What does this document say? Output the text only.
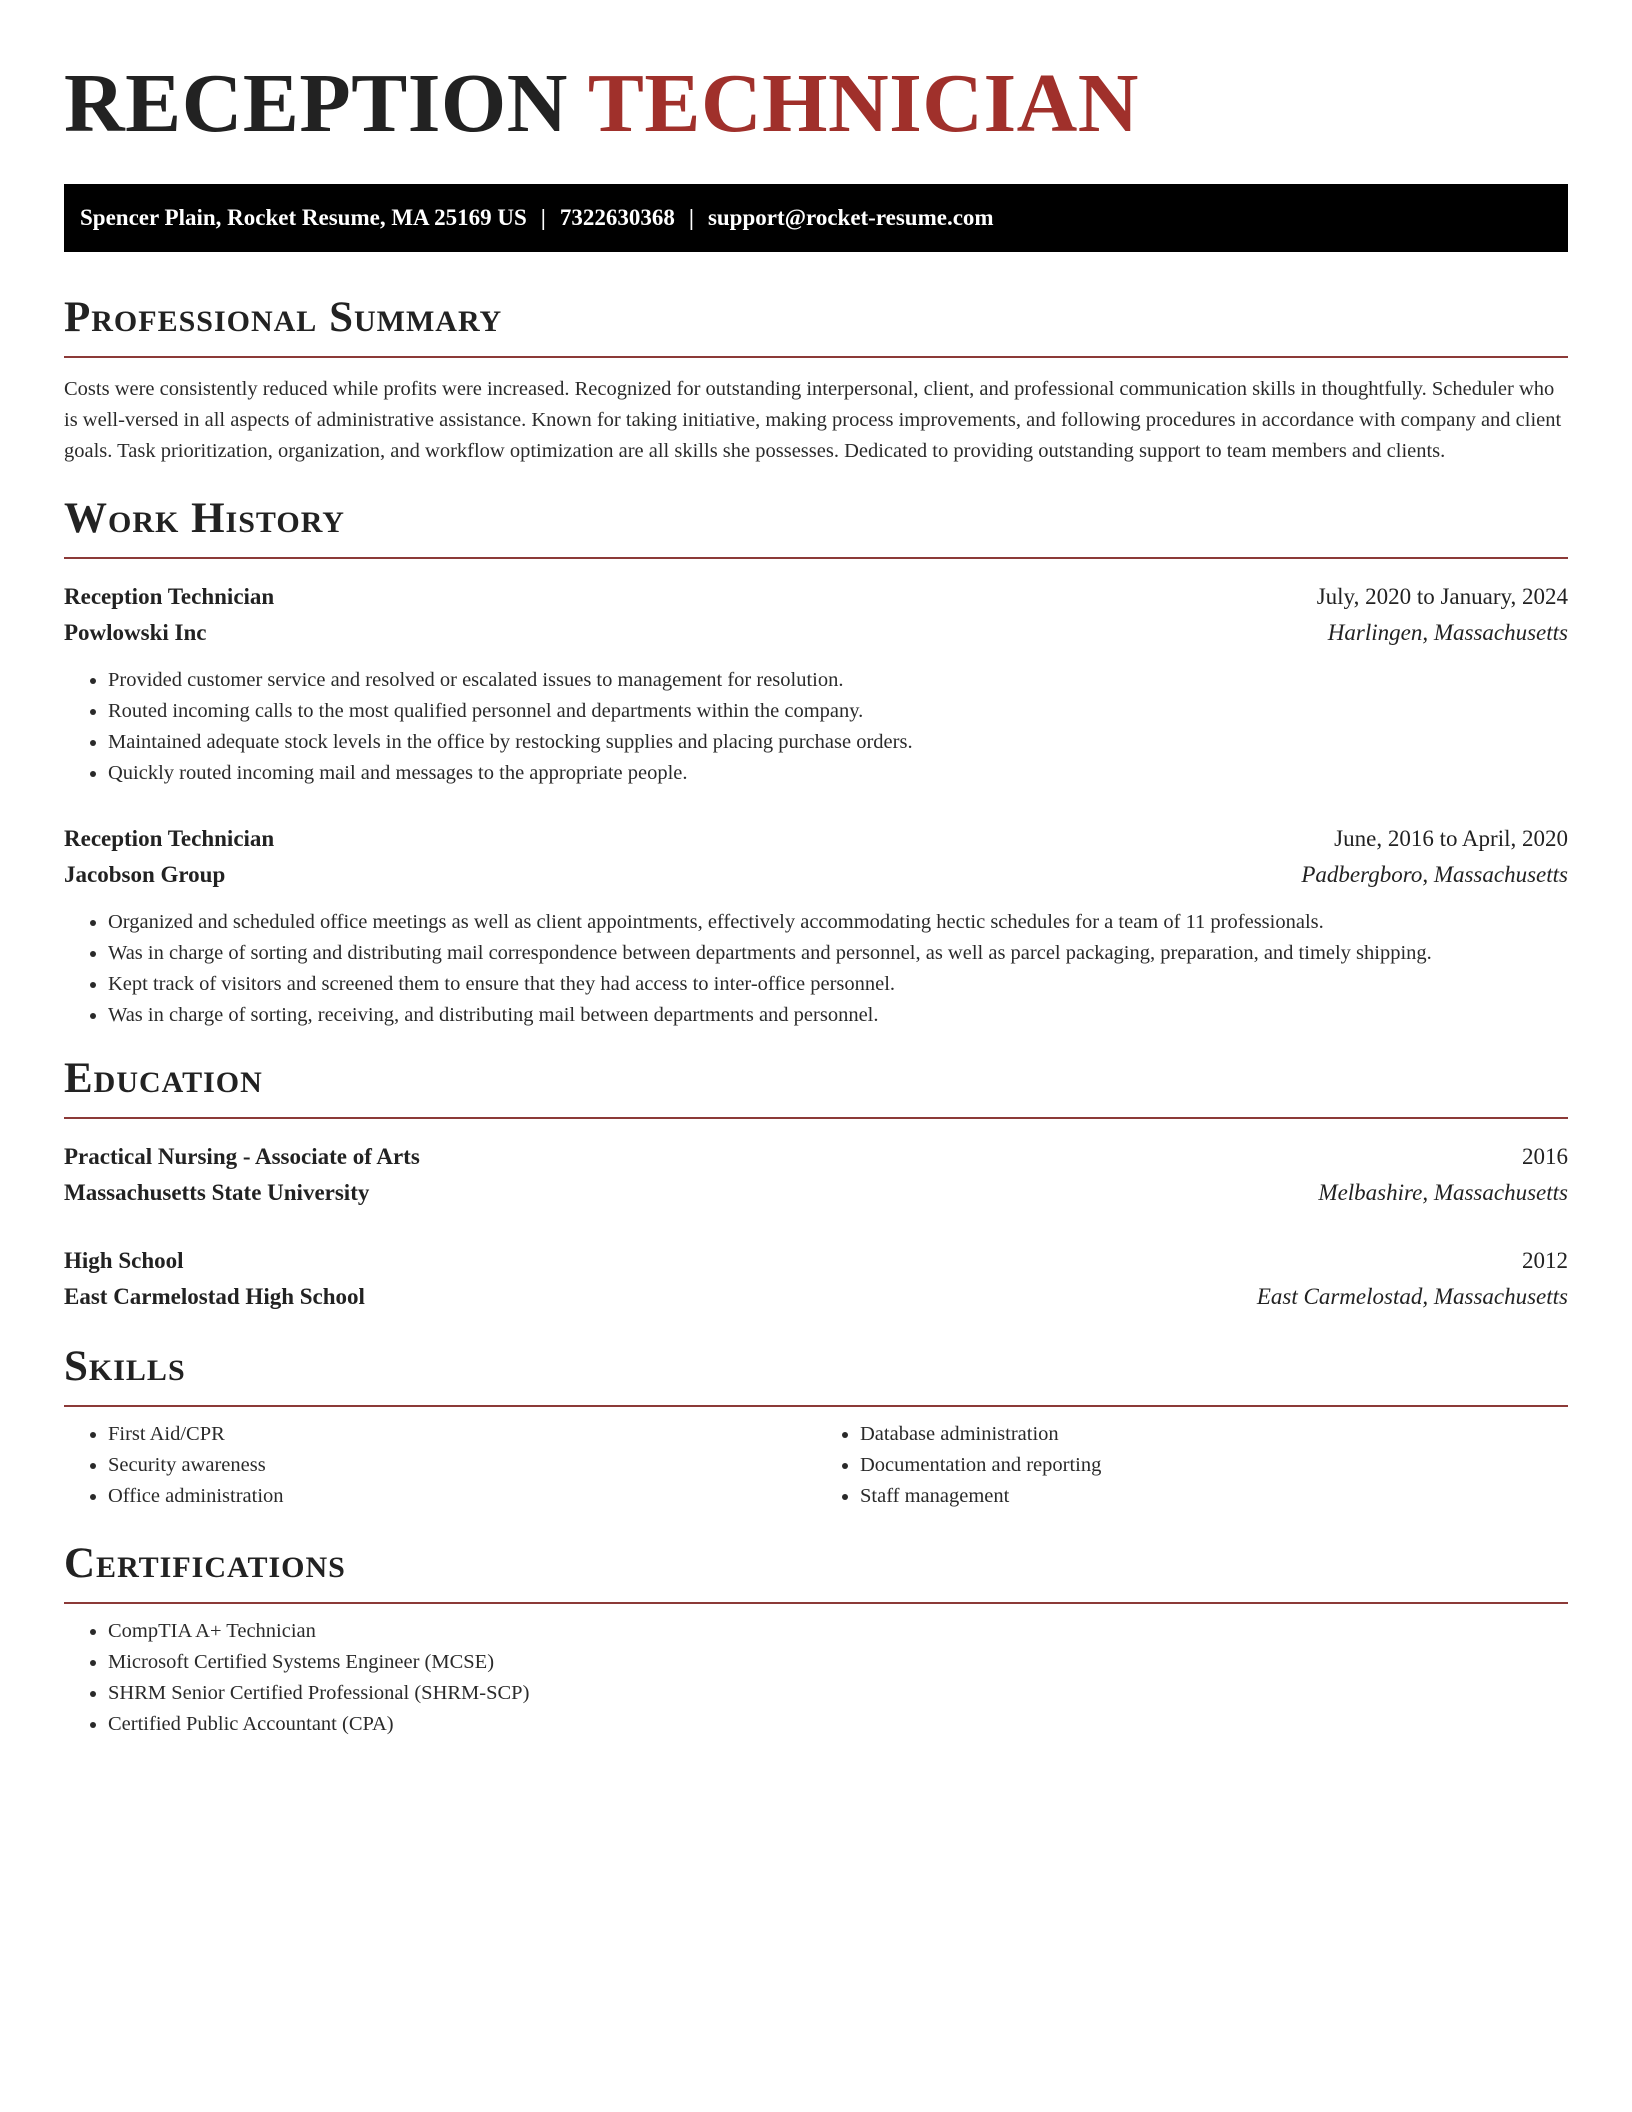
RECEPTION TECHNICIAN
Spencer Plain, Rocket Resume, MA 25169 US | 7322630368 | support@rocket-resume.com
Professional Summary

Costs were consistently reduced while profits were increased. Recognized for outstanding interpersonal, client, and professional communication skills in thoughtfully. Scheduler who is well-versed in all aspects of administrative assistance. Known for taking initiative, making process improvements, and following procedures in accordance with company and client goals. Task prioritization, organization, and workflow optimization are all skills she possesses. Dedicated to providing outstanding support to team members and clients.

Work History
Reception Technician	July, 2020 to January, 2024
Powlowski Inc	Harlingen, Massachusetts
• Provided customer service and resolved or escalated issues to management for resolution.
• Routed incoming calls to the most qualified personnel and departments within the company.
• Maintained adequate stock levels in the office by restocking supplies and placing purchase orders.
• Quickly routed incoming mail and messages to the appropriate people.
Reception Technician	June, 2016 to April, 2020
Jacobson Group	Padbergboro, Massachusetts
• Organized and scheduled office meetings as well as client appointments, effectively accommodating hectic schedules for a team of 11 professionals.
• Was in charge of sorting and distributing mail correspondence between departments and personnel, as well as parcel packaging, preparation, and timely shipping.
• Kept track of visitors and screened them to ensure that they had access to inter-office personnel.
• Was in charge of sorting, receiving, and distributing mail between departments and personnel.
Education
Practical Nursing - Associate of Arts	2016
Massachusetts State University	Melbashire, Massachusetts
High School	2012
East Carmelostad High School	East Carmelostad, Massachusetts
Skills
• First Aid/CPR
• Security awareness
• Office administration
• Database administration
• Documentation and reporting
• Staff management
Certifications
• CompTIA A+ Technician
• Microsoft Certified Systems Engineer (MCSE)
• SHRM Senior Certified Professional (SHRM-SCP)
• Certified Public Accountant (CPA)
